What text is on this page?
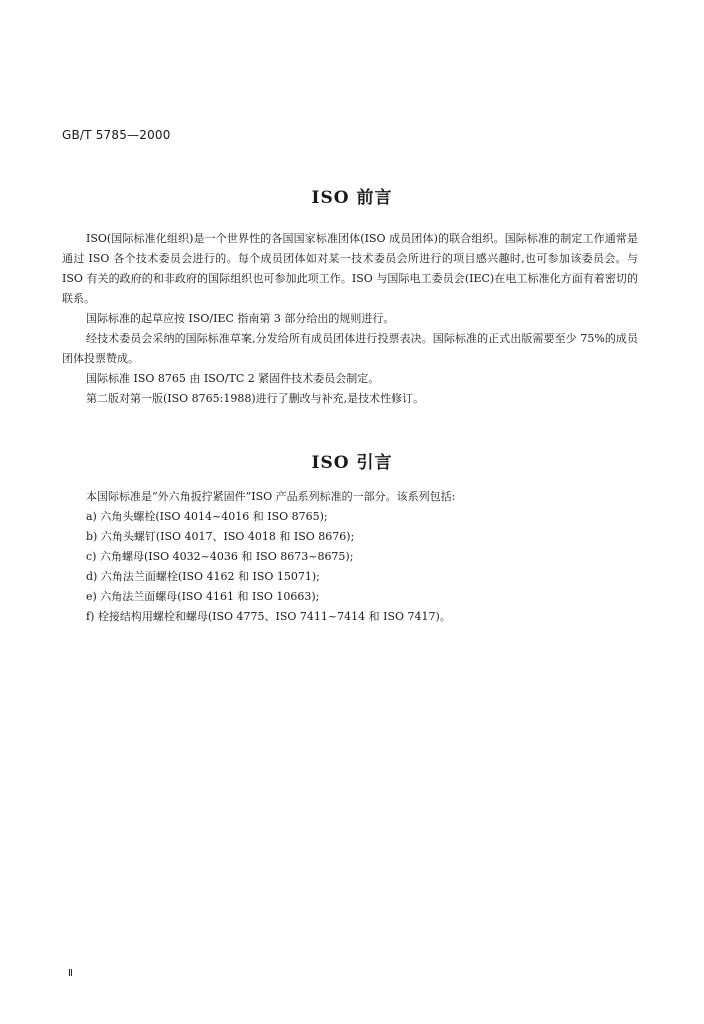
GB/T 5785—2000
ISO 前言

ISO(国际标准化组织)是一个世界性的各国国家标准团体(ISO 成员团体)的联合组织。国际标准的制定工作通常是通过 ISO 各个技术委员会进行的。每个成员团体如对某一技术委员会所进行的项目感兴趣时,也可参加该委员会。与 ISO 有关的政府的和非政府的国际组织也可参加此项工作。ISO 与国际电工委员会(IEC)在电工标准化方面有着密切的联系。

国际标准的起草应按 ISO/IEC 指南第 3 部分给出的规则进行。

经技术委员会采纳的国际标准草案,分发给所有成员团体进行投票表决。国际标准的正式出版需要至少 75%的成员团体投票赞成。

国际标准 ISO 8765 由 ISO/TC 2 紧固件技术委员会制定。

第二版对第一版(ISO 8765:1988)进行了删改与补充,是技术性修订。

ISO 引言
本国际标准是“外六角扳拧紧固件”ISO 产品系列标准的一部分。该系列包括:
a) 六角头螺栓(ISO 4014~4016 和 ISO 8765);
b) 六角头螺钉(ISO 4017、ISO 4018 和 ISO 8676);
c) 六角螺母(ISO 4032~4036 和 ISO 8673~8675);
d) 六角法兰面螺栓(ISO 4162 和 ISO 15071);
e) 六角法兰面螺母(ISO 4161 和 ISO 10663);
f) 栓接结构用螺栓和螺母(ISO 4775、ISO 7411~7414 和 ISO 7417)。
Ⅱ
